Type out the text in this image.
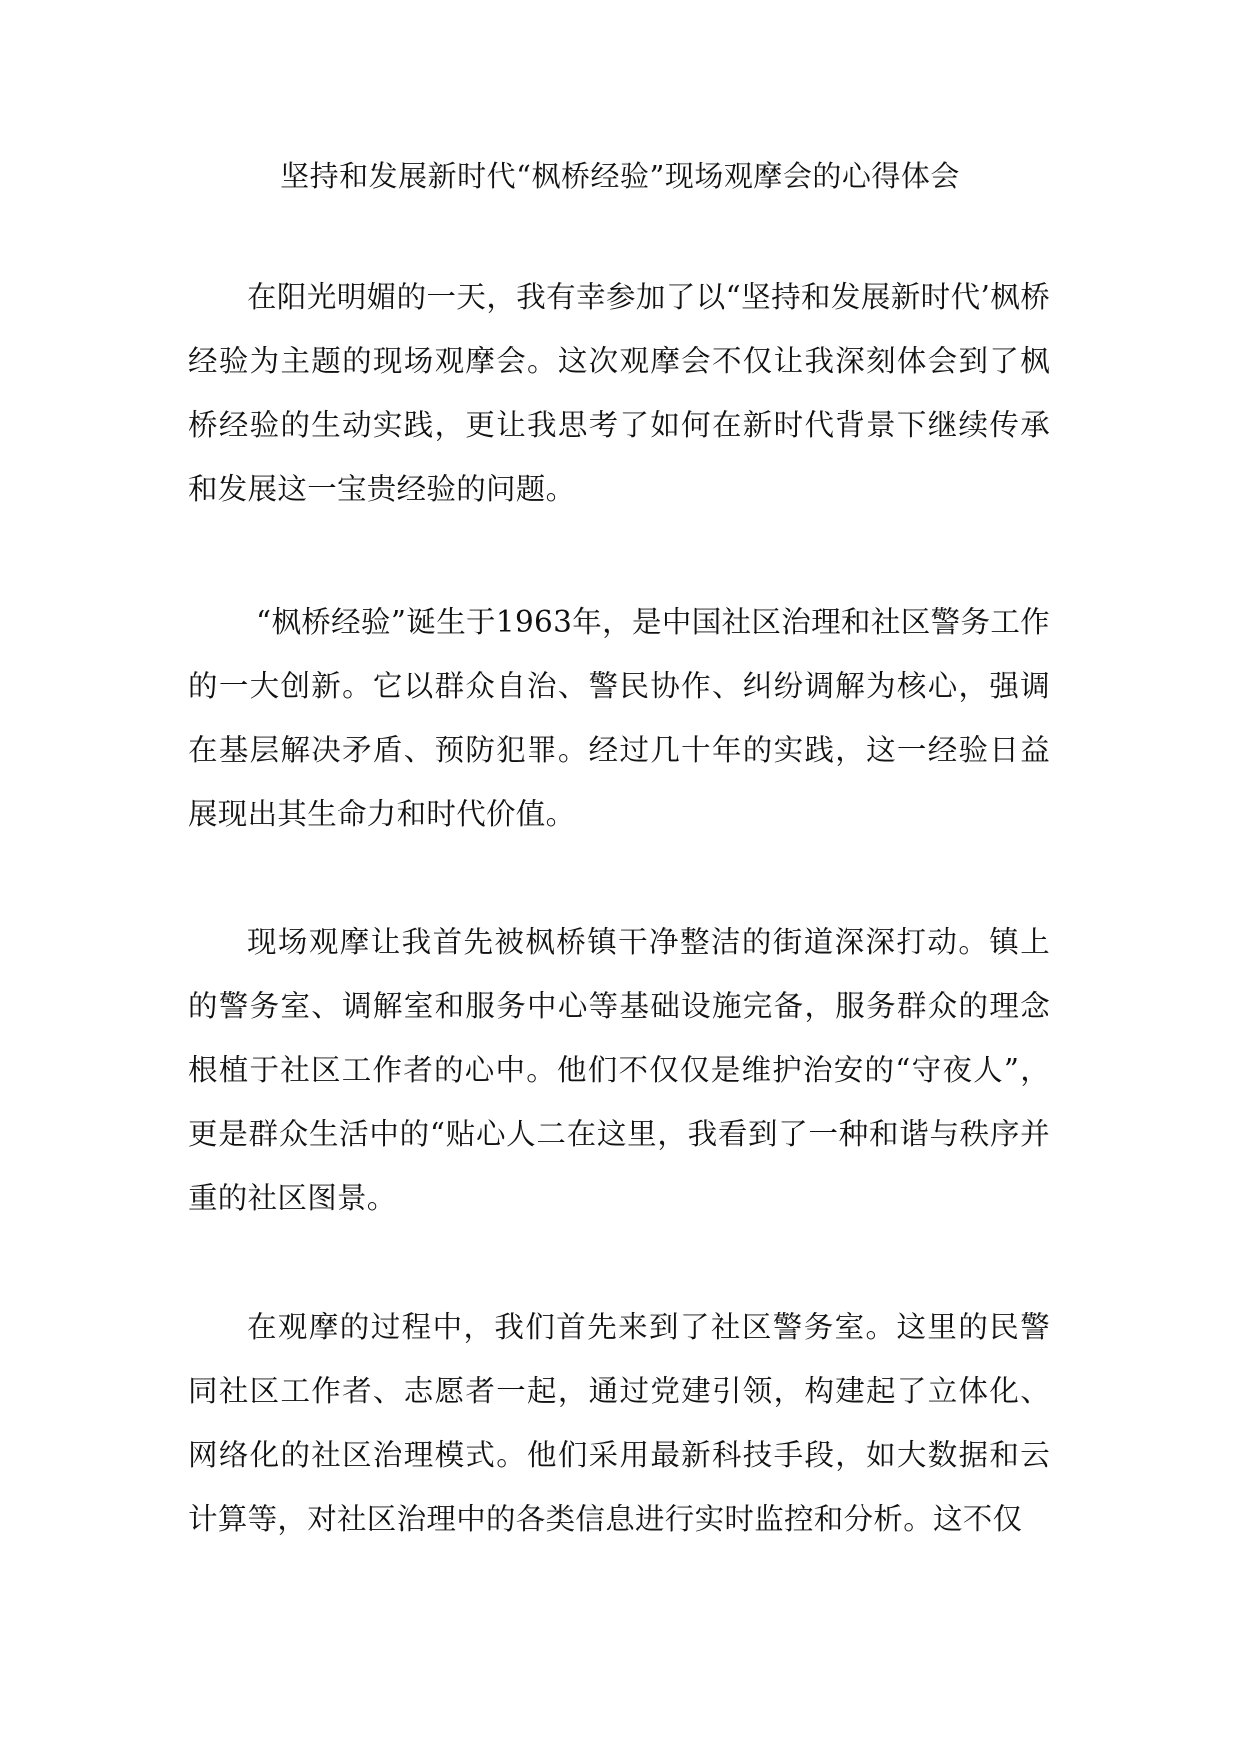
坚持和发展新时代“枫桥经验”现场观摩会的心得体会

在阳光明媚的一天，我有幸参加了以“坚持和发展新时代’枫桥经验为主题的现场观摩会。这次观摩会不仅让我深刻体会到了枫桥经验的生动实践，更让我思考了如何在新时代背景下继续传承和发展这一宝贵经验的问题。

“枫桥经验”诞生于1963年，是中国社区治理和社区警务工作的一大创新。它以群众自治、警民协作、纠纷调解为核心，强调在基层解决矛盾、预防犯罪。经过几十年的实践，这一经验日益展现出其生命力和时代价值。

现场观摩让我首先被枫桥镇干净整洁的街道深深打动。镇上的警务室、调解室和服务中心等基础设施完备，服务群众的理念根植于社区工作者的心中。他们不仅仅是维护治安的“守夜人”，更是群众生活中的“贴心人二在这里，我看到了一种和谐与秩序并重的社区图景。

在观摩的过程中，我们首先来到了社区警务室。这里的民警同社区工作者、志愿者一起，通过党建引领，构建起了立体化、网络化的社区治理模式。他们采用最新科技手段，如大数据和云计算等，对社区治理中的各类信息进行实时监控和分析。这不仅
